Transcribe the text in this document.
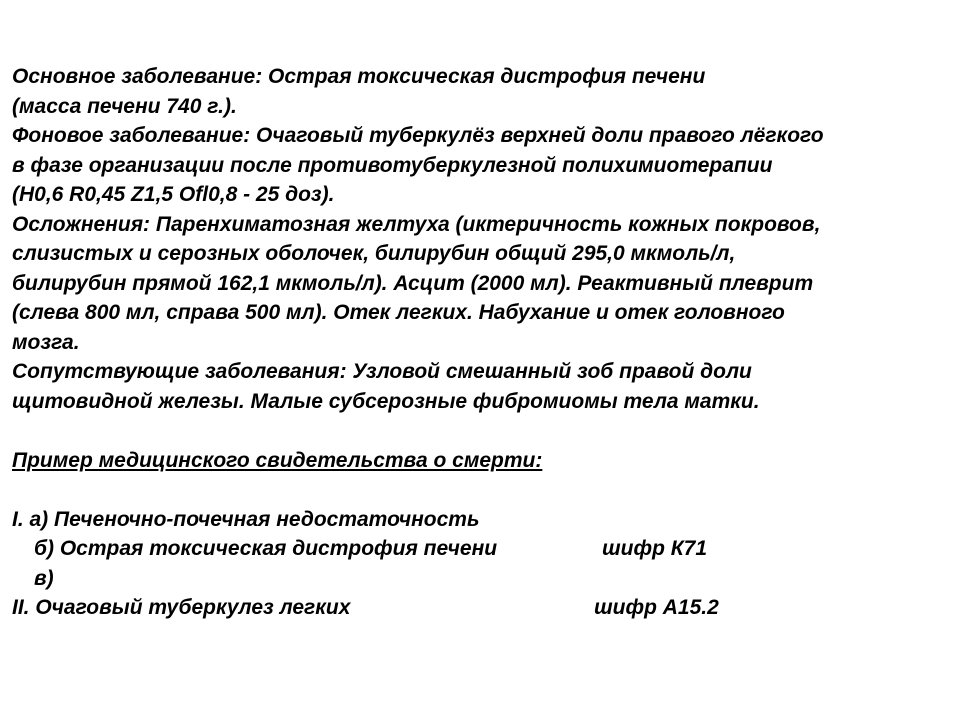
Основное заболевание: Острая токсическая дистрофия печени
(масса печени 740 г.).
Фоновое заболевание: Очаговый туберкулёз верхней доли правого лёгкого
в фазе организации после противотуберкулезной полихимиотерапии
(H0,6 R0,45 Z1,5 Ofl0,8 - 25 доз).
Осложнения: Паренхиматозная желтуха (иктеричность кожных покровов,
слизистых и серозных оболочек, билирубин общий 295,0 мкмоль/л,
билирубин прямой 162,1 мкмоль/л). Асцит (2000 мл). Реактивный плеврит
(слева 800 мл, справа 500 мл). Отек легких. Набухание и отек головного
мозга.
Сопутствующие заболевания: Узловой смешанный зоб правой доли
щитовидной железы. Малые субсерозные фибромиомы тела матки.
Пример медицинского свидетельства о смерти:
I. а) Печеночно-почечная недостаточность
б) Острая токсическая дистрофия печени	шифр К71
в)
II. Очаговый туберкулез легких	шифр А15.2
